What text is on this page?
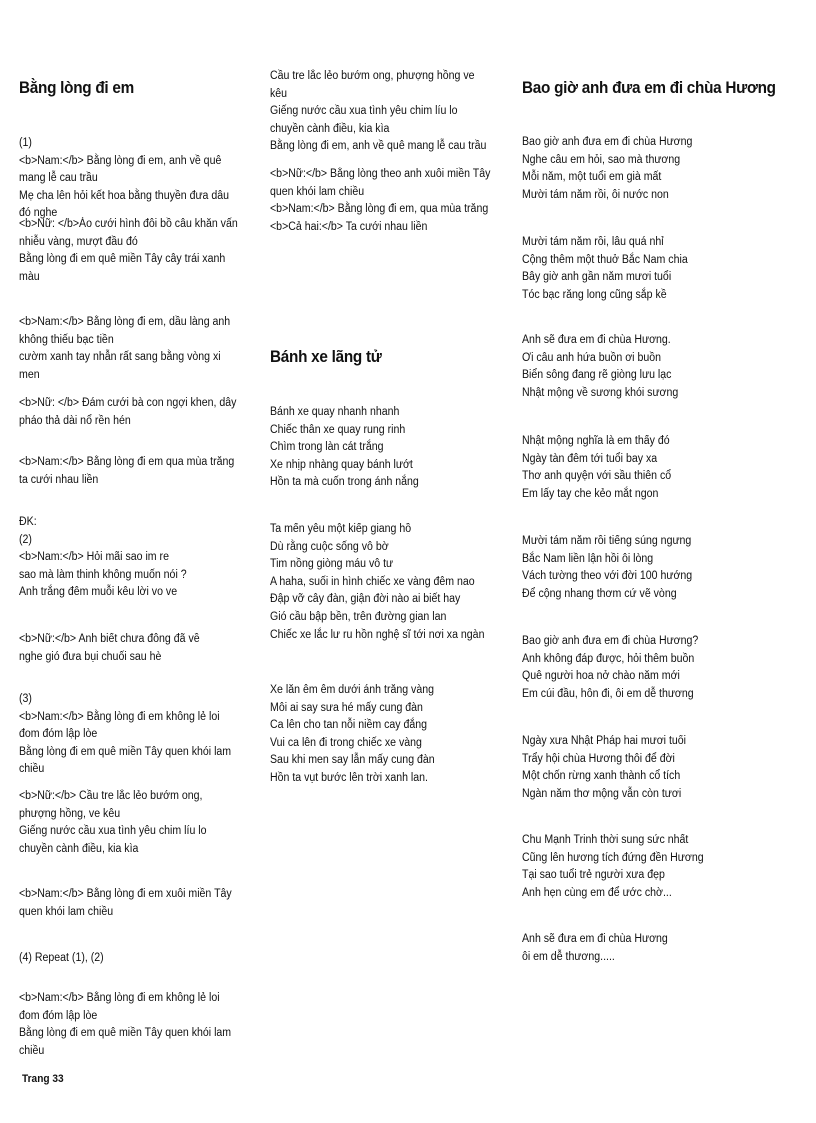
Bằng lòng đi em
(1)
<b>Nam:</b> Bằng lòng đi em, anh về quê mang lễ cau trầu
Mẹ cha lên hỏi kết hoa bằng thuyền đưa dâu đó nghe
<b>Nữ: </b>Áo cưới hình đôi bồ câu khăn vấn nhiễu vàng, mượt đầu đó
Bằng lòng đi em quê miền Tây cây trái xanh màu
<b>Nam:</b> Bằng lòng đi em, dầu làng anh không thiếu bạc tiền
cườm xanh tay nhẫn rất sang bằng vòng xi men
<b>Nữ: </b> Đám cưới bà con ngợi khen, dây pháo thả dài nổ rền hén
<b>Nam:</b> Bằng lòng đi em qua mùa trăng ta cưới nhau liền
ĐK:
(2)
<b>Nam:</b> Hỏi mãi sao im re
sao mà làm thinh không muốn nói ?
Anh trắng đêm muỗi kêu lời vo ve
<b>Nữ:</b> Anh biết chưa đông đã về
nghe gió đưa bụi chuối sau hè
(3)
<b>Nam:</b> Bằng lòng đi em không lẻ loi đom đóm lập lòe
Bằng lòng đi em quê miền Tây quen khói lam chiều
<b>Nữ:</b> Cầu tre lắc lẻo bướm ong, phượng hồng, ve kêu
Giếng nước cầu xua tình yêu chim líu lo chuyền cành điều, kia kìa
<b>Nam:</b> Bằng lòng đi em xuôi miền Tây quen khói lam chiều
(4) Repeat (1), (2)
<b>Nam:</b> Bằng lòng đi em không lẻ loi đom đóm lập lòe
Bằng lòng đi em quê miền Tây quen khói lam chiều
Cầu tre lắc lẻo bướm ong, phượng hồng ve kêu
Giếng nước cầu xua tình yêu chim líu lo chuyền cành điều, kia kìa
Bằng lòng đi em, anh về quê mang lễ cau trầu
<b>Nữ:</b> Bằng lòng theo anh xuôi miền Tây quen khói lam chiều
<b>Nam:</b> Bằng lòng đi em, qua mùa trăng
<b>Cả hai:</b> Ta cưới nhau liền
Bánh xe lãng tử
Bánh xe quay nhanh nhanh
Chiếc thân xe quay rung rinh
Chìm trong làn cát trắng
Xe nhịp nhàng quay bánh lướt
Hồn ta mà cuốn trong ánh nắng
Ta mến yêu một kiếp giang hồ
Dù rằng cuộc sống vô bờ
Tim nồng giòng máu vô tư
A haha, suối in hình chiếc xe vàng đêm nao
Đập vỡ cây đàn, giận đời nào ai biết hay
Gió cầu bập bền, trên đường gian lan
Chiếc xe lắc lư ru hồn nghệ sĩ tới nơi xa ngàn
Xe lăn êm êm dưới ánh trăng vàng
Môi ai say sưa hé mấy cung đàn
Ca lên cho tan nỗi niềm cay đắng
Vui ca lên đi trong chiếc xe vàng
Sau khi men say lẫn mấy cung đàn
Hồn ta vụt bước lên trời xanh lan.
Bao giờ anh đưa em đi chùa Hương
Bao giờ anh đưa em đi chùa Hương
Nghe câu em hỏi, sao mà thương
Mỗi năm, một tuổi em già mất
Mười tám năm rồi, ôi nước non
Mười tám năm rồi, lâu quá nhỉ
Cộng thêm một thuở Bắc Nam chia
Bây giờ anh gần năm mươi tuổi
Tóc bạc răng long cũng sắp kề
Anh sẽ đưa em đi chùa Hương.
Ơi câu anh hứa buồn ơi buồn
Biển sông đang rẽ giòng lưu lạc
Nhật mộng về sương khói sương
Nhật mộng nghĩa là em thấy đó
Ngày tàn đêm tới tuổi bay xa
Thơ anh quyện với sầu thiên cổ
Em lấy tay che kẻo mắt ngon
Mười tám năm rồi tiếng súng ngưng
Bắc Nam liền lận hồi ôi lòng
Vách tường theo với đời 100 hướng
Để cộng nhang thơm cứ vẽ vòng
Bao giờ anh đưa em đi chùa Hương?
Anh không đáp được, hỏi thêm buồn
Quê người hoa nở chào năm mới
Em cúi đầu, hôn đi, ôi em dễ thương
Ngày xưa Nhật Pháp hai mươi tuổi
Trẩy hội chùa Hương thôi để đời
Một chốn rừng xanh thành cổ tích
Ngàn năm thơ mộng vẫn còn tươi
Chu Mạnh Trinh thời sung sức nhất
Cũng lên hương tích đứng đền Hương
Tại sao tuổi trẻ người xưa đẹp
Anh hẹn cùng em để ước chờ...
Anh sẽ đưa em đi chùa Hương
ôi em dễ thương.....
Trang 33
